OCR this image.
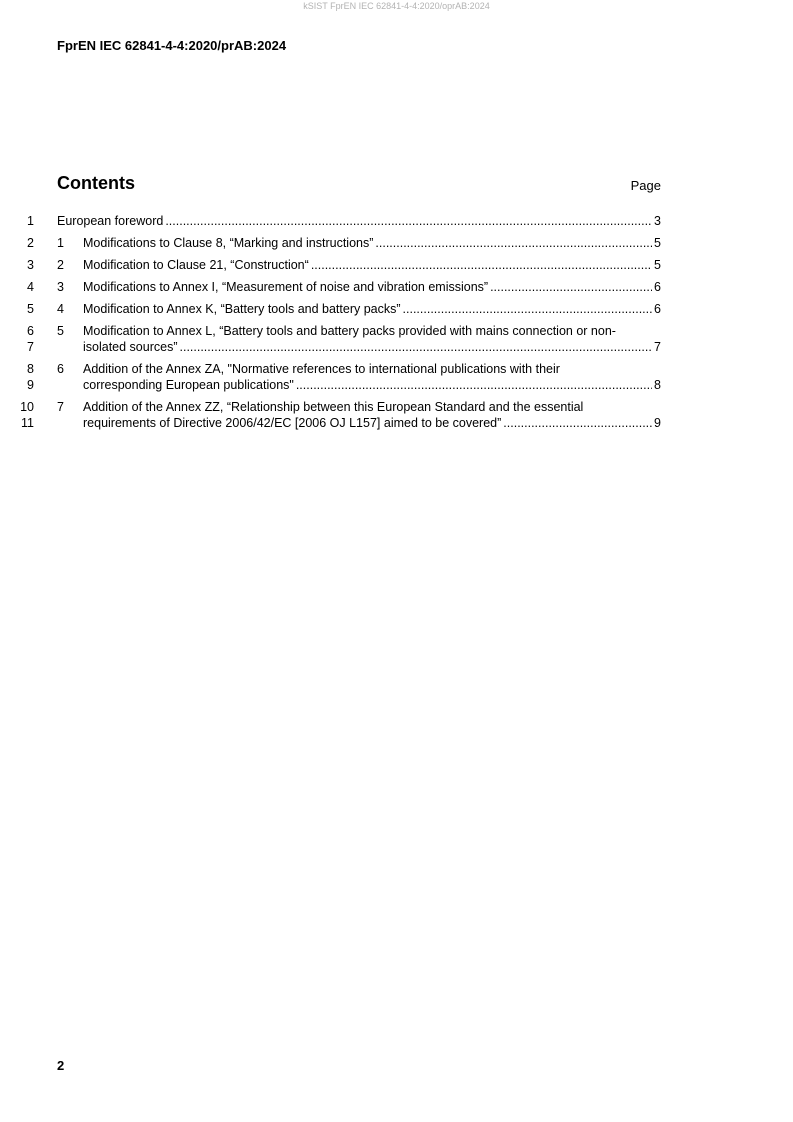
kSIST FprEN IEC 62841-4-4:2020/oprAB:2024
FprEN IEC 62841-4-4:2020/prAB:2024
Contents	Page
1 European foreword .....	3
2 1 Modifications to Clause 8, “Marking and instructions” .....	5
3 2 Modification to Clause 21, “Construction“ .....	5
4 3 Modifications to Annex I, “Measurement of noise and vibration emissions” .....	6
5 4 Modification to Annex K, “Battery tools and battery packs” .....	6
6 5 Modification to Annex L, “Battery tools and battery packs provided with mains connection or non-
7	isolated sources” .....	7
8 6 Addition of the Annex ZA, "Normative references to international publications with their
9	corresponding European publications" .....	8
10 7 Addition of the Annex ZZ, “Relationship between this European Standard and the essential
11	requirements of Directive 2006/42/EC [2006 OJ L157] aimed to be covered” .....	9
2
